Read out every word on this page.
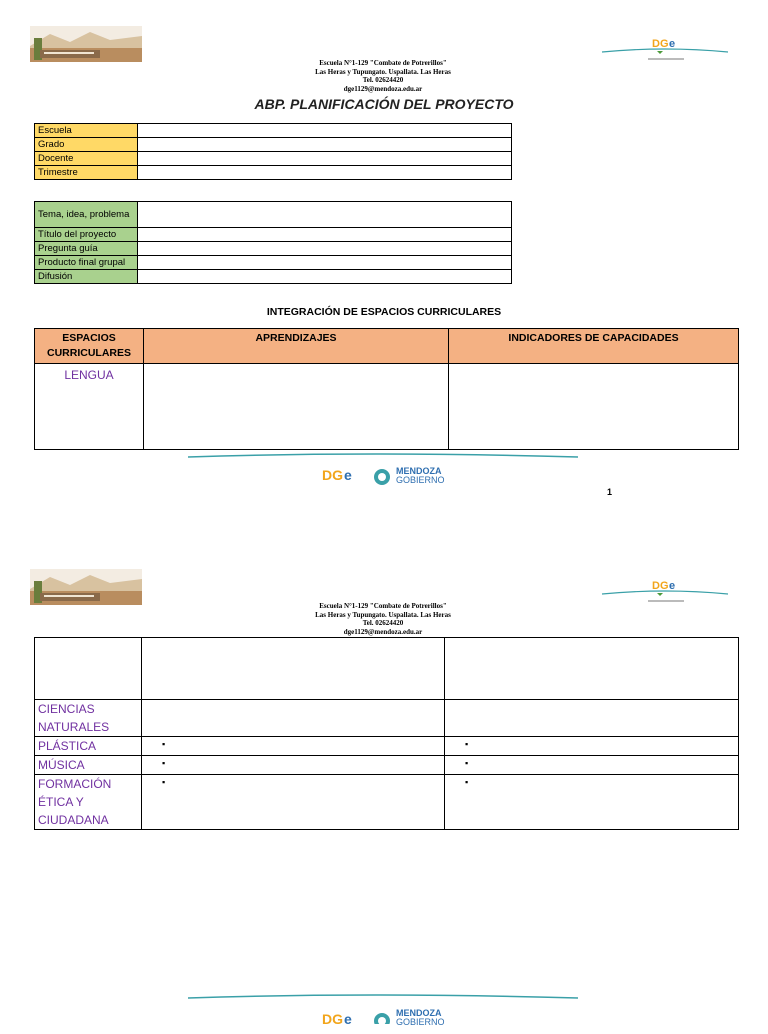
DG e
Escuela N°1-129 "Combate de Potrerillos"
Las Heras y Tupungato. Uspallata. Las Heras
Tel. 02624420
dge1129@mendoza.edu.ar
ABP. PLANIFICACIÓN DEL PROYECTO
Escuela	
Grado	
Docente	
Trimestre	
Tema, idea, problema	
Título del proyecto	
Pregunta guía	
Producto final grupal	
Difusión	
INTEGRACIÓN DE ESPACIOS CURRICULARES
ESPACIOS CURRICULARES	APRENDIZAJES	INDICADORES DE CAPACIDADES
LENGUA		
DG e	MENDOZA
GOBIERNO
1
DG e
Escuela N°1-129 "Combate de Potrerillos"
Las Heras y Tupungato. Uspallata. Las Heras
Tel. 02624420
dge1129@mendoza.edu.ar

CIENCIAS NATURALES		
PLÁSTICA	▪	▪
MÚSICA	▪	▪
FORMACIÓN ÉTICA Y CIUDADANA	▪	▪
DG e	MENDOZA
GOBIERNO
